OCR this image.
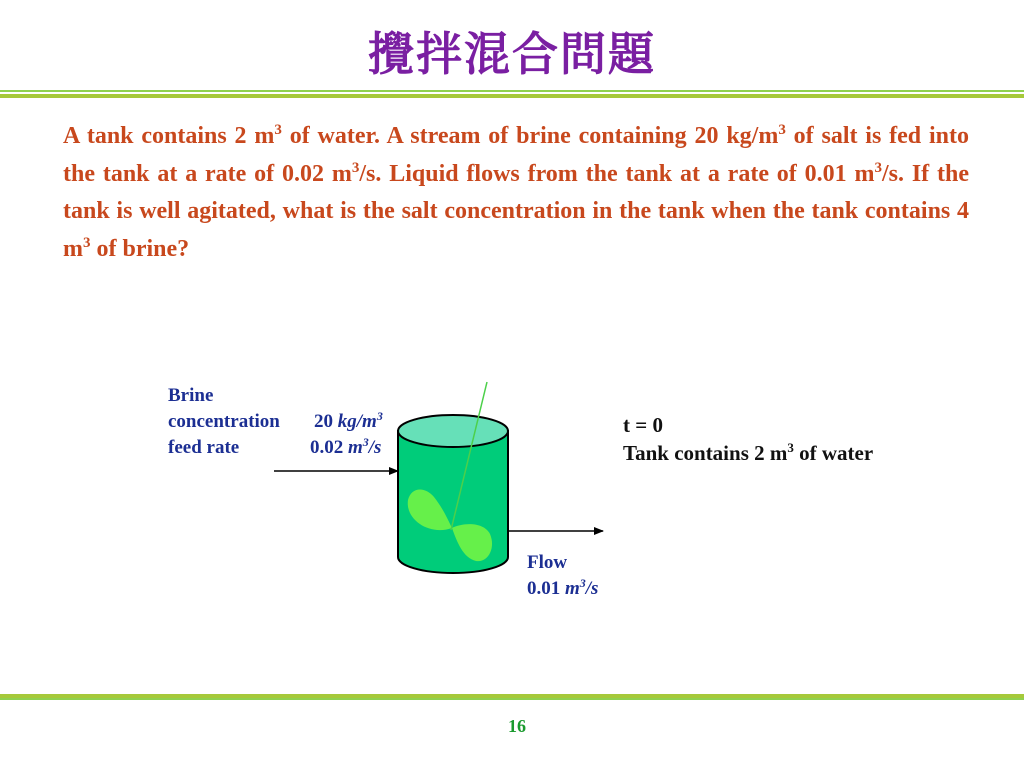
攪拌混合問題

A tank contains 2 $m^3$ of water. A stream of brine containing 20 $kg/m^3$ of salt is fed into the tank at a rate of 0.02 $m^3/s$. Liquid flows from the tank at a rate of 0.01 $m^3/s$. If the tank is well agitated, what is the salt concentration in the tank when the tank contains 4 $m^3$ of brine?

Brine
concentration 20 $kg/m^3$
feed rate	0.02 $m^3/s$
Flow
0.01 $m^3/s$
t = 0
Tank contains 2 $m^3$ of water
16
